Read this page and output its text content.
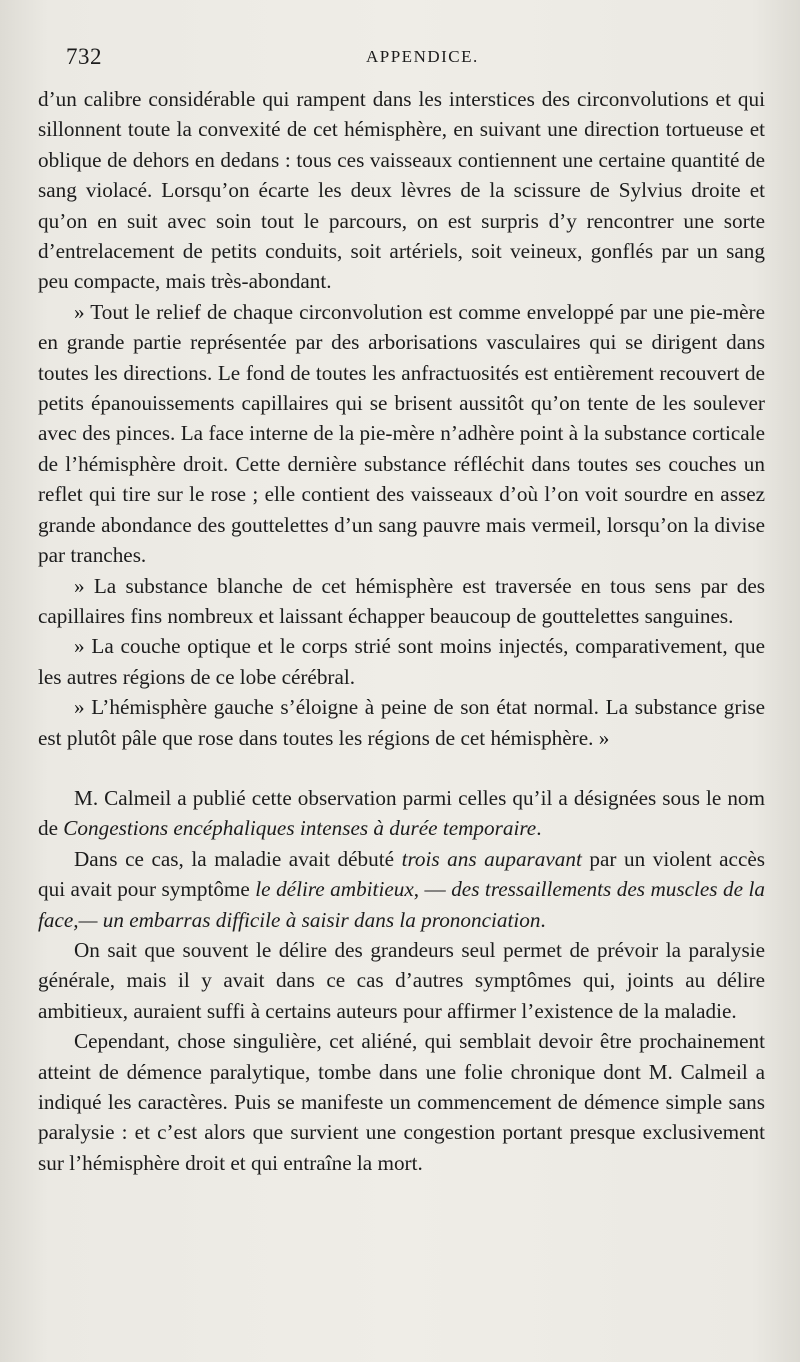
732	APPENDICE.

d’un calibre considérable qui rampent dans les interstices des circonvolutions et qui sillonnent toute la convexité de cet hémisphère, en suivant une direction tortueuse et oblique de dehors en dedans : tous ces vaisseaux contiennent une certaine quantité de sang violacé. Lorsqu’on écarte les deux lèvres de la scissure de Sylvius droite et qu’on en suit avec soin tout le parcours, on est surpris d’y rencontrer une sorte d’entrelacement de petits conduits, soit artériels, soit veineux, gonflés par un sang peu compacte, mais très-abondant.

» Tout le relief de chaque circonvolution est comme enveloppé par une pie-mère en grande partie représentée par des arborisations vasculaires qui se dirigent dans toutes les directions. Le fond de toutes les anfractuosités est entièrement recouvert de petits épanouissements capillaires qui se brisent aussitôt qu’on tente de les soulever avec des pinces. La face interne de la pie-mère n’adhère point à la substance corticale de l’hémisphère droit. Cette dernière substance réfléchit dans toutes ses couches un reflet qui tire sur le rose ; elle contient des vaisseaux d’où l’on voit sourdre en assez grande abondance des gouttelettes d’un sang pauvre mais vermeil, lorsqu’on la divise par tranches.

» La substance blanche de cet hémisphère est traversée en tous sens par des capillaires fins nombreux et laissant échapper beaucoup de gouttelettes sanguines.

» La couche optique et le corps strié sont moins injectés, comparativement, que les autres régions de ce lobe cérébral.

» L’hémisphère gauche s’éloigne à peine de son état normal. La substance grise est plutôt pâle que rose dans toutes les régions de cet hémisphère. »

M. Calmeil a publié cette observation parmi celles qu’il a désignées sous le nom de Congestions encéphaliques intenses à durée temporaire.

Dans ce cas, la maladie avait débuté trois ans auparavant par un violent accès qui avait pour symptôme le délire ambitieux, — des tressaillements des muscles de la face,— un embarras difficile à saisir dans la prononciation.

On sait que souvent le délire des grandeurs seul permet de prévoir la paralysie générale, mais il y avait dans ce cas d’autres symptômes qui, joints au délire ambitieux, auraient suffi à certains auteurs pour affirmer l’existence de la maladie.

Cependant, chose singulière, cet aliéné, qui semblait devoir être prochainement atteint de démence paralytique, tombe dans une folie chronique dont M. Calmeil a indiqué les caractères. Puis se manifeste un commencement de démence simple sans paralysie : et c’est alors que survient une congestion portant presque exclusivement sur l’hémisphère droit et qui entraîne la mort.
